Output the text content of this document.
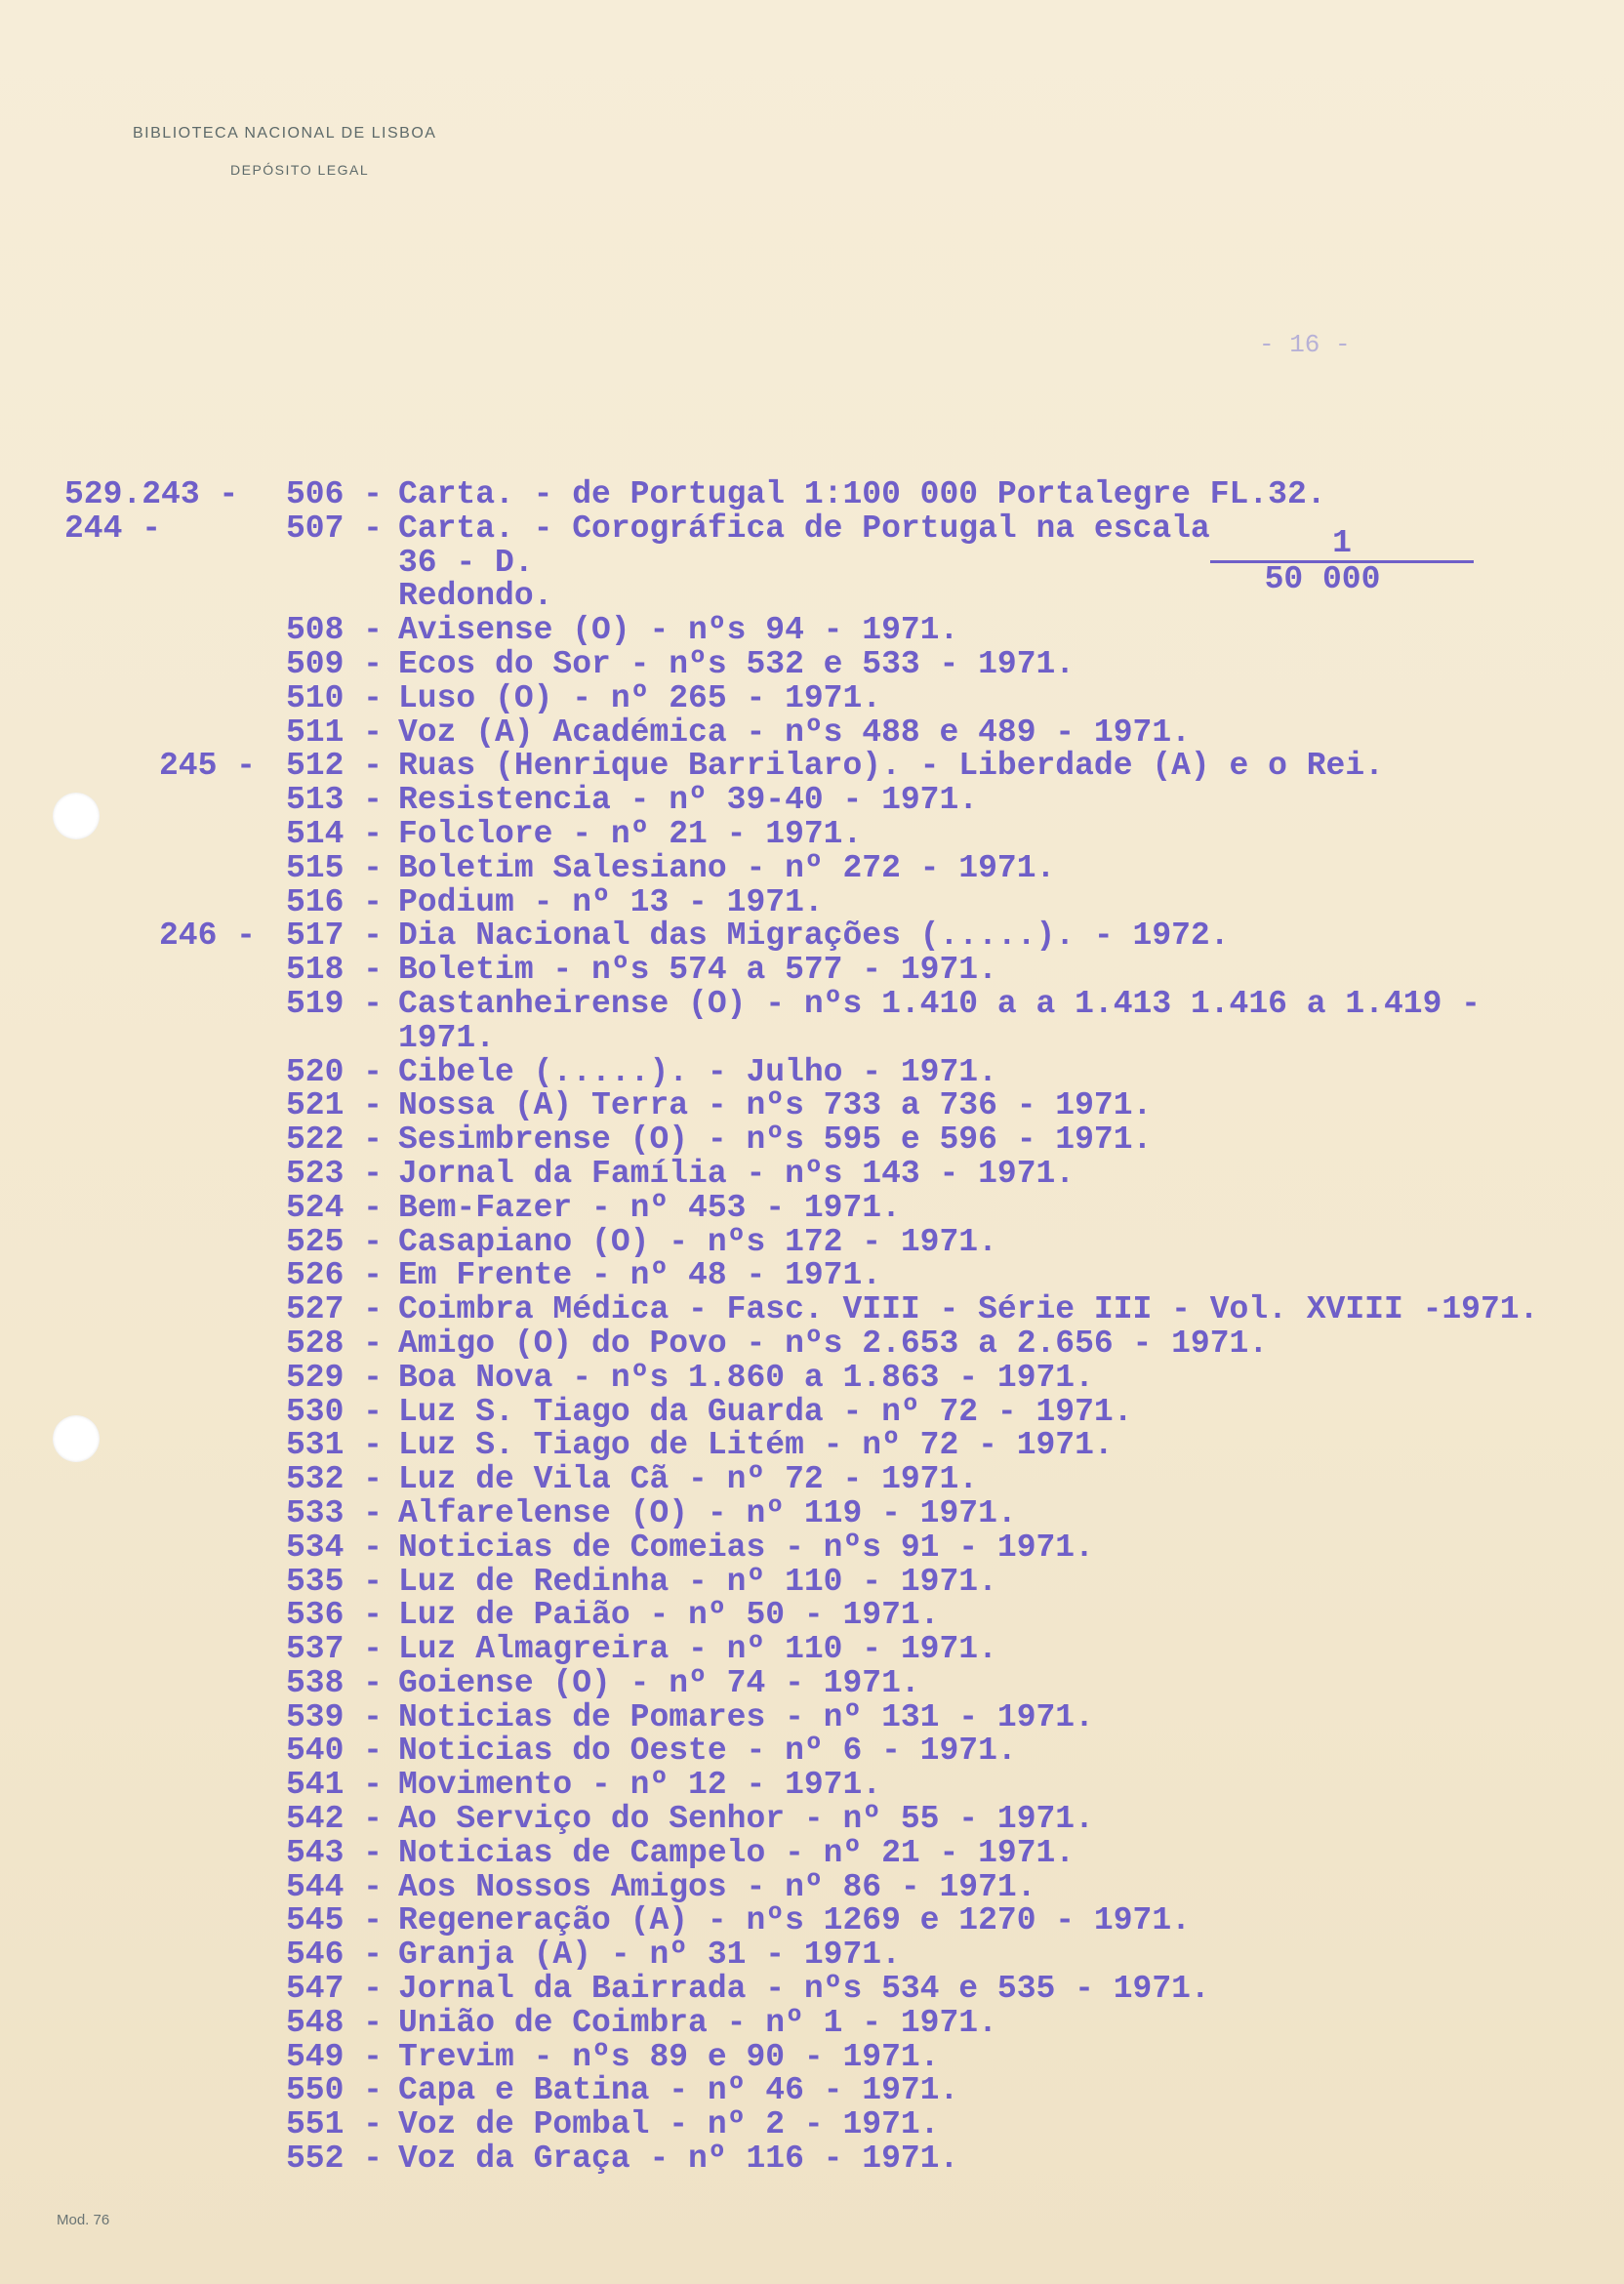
BIBLIOTECA NACIONAL DE LISBOA
DEPÓSITO LEGAL
- 16 -
529.243 -	506 - Carta. - de Portugal 1:100 000 Portalegre FL.32.
244 -	507 - Carta. - Corográfica de Portugal na escala
36 - D.
Redondo.
508 - Avisense (O) - nºs 94 - 1971.
509 - Ecos do Sor - nºs 532 e 533 - 1971.
510 - Luso (O) - nº 265 - 1971.
511 - Voz (A) Académica - nºs 488 e 489 - 1971.
245 - 512 - Ruas (Henrique Barrilaro). - Liberdade (A) e o Rei.
513 - Resistencia - nº 39-40 - 1971.
514 - Folclore - nº 21 - 1971.
515 - Boletim Salesiano - nº 272 - 1971.
516 - Podium - nº 13 - 1971.
246 - 517 - Dia Nacional das Migrações (.....). - 1972.
518 - Boletim - nºs 574 a 577 - 1971.
519 - Castanheirense (O) - nºs 1.410 a a 1.413 1.416 a 1.419 -
1971.
520 - Cibele (.....). - Julho - 1971.
521 - Nossa (A) Terra - nºs 733 a 736 - 1971.
522 - Sesimbrense (O) - nºs 595 e 596 - 1971.
523 - Jornal da Família - nºs 143 - 1971.
524 - Bem-Fazer - nº 453 - 1971.
525 - Casapiano (O) - nºs 172 - 1971.
526 - Em Frente - nº 48 - 1971.
527 - Coimbra Médica - Fasc. VIII - Série III - Vol. XVIII -1971.
528 - Amigo (O) do Povo - nºs 2.653 a 2.656 - 1971.
529 - Boa Nova - nºs 1.860 a 1.863 - 1971.
530 - Luz S. Tiago da Guarda - nº 72 - 1971.
531 - Luz S. Tiago de Litém - nº 72 - 1971.
532 - Luz de Vila Cã - nº 72 - 1971.
533 - Alfarelense (O) - nº 119 - 1971.
534 - Noticias de Comeias - nºs 91 - 1971.
535 - Luz de Redinha - nº 110 - 1971.
536 - Luz de Paião - nº 50 - 1971.
537 - Luz Almagreira - nº 110 - 1971.
538 - Goiense (O) - nº 74 - 1971.
539 - Noticias de Pomares - nº 131 - 1971.
540 - Noticias do Oeste - nº 6 - 1971.
541 - Movimento - nº 12 - 1971.
542 - Ao Serviço do Senhor - nº 55 - 1971.
543 - Noticias de Campelo - nº 21 - 1971.
544 - Aos Nossos Amigos - nº 86 - 1971.
545 - Regeneração (A) - nºs 1269 e 1270 - 1971.
546 - Granja (A) - nº 31 - 1971.
547 - Jornal da Bairrada - nºs 534 e 535 - 1971.
548 - União de Coimbra - nº 1 - 1971.
549 - Trevim - nºs 89 e 90 - 1971.
550 - Capa e Batina - nº 46 - 1971.
551 - Voz de Pombal - nº 2 - 1971.
552 - Voz da Graça - nº 116 - 1971.
$\frac{1}{50 000}$
Mod. 76
